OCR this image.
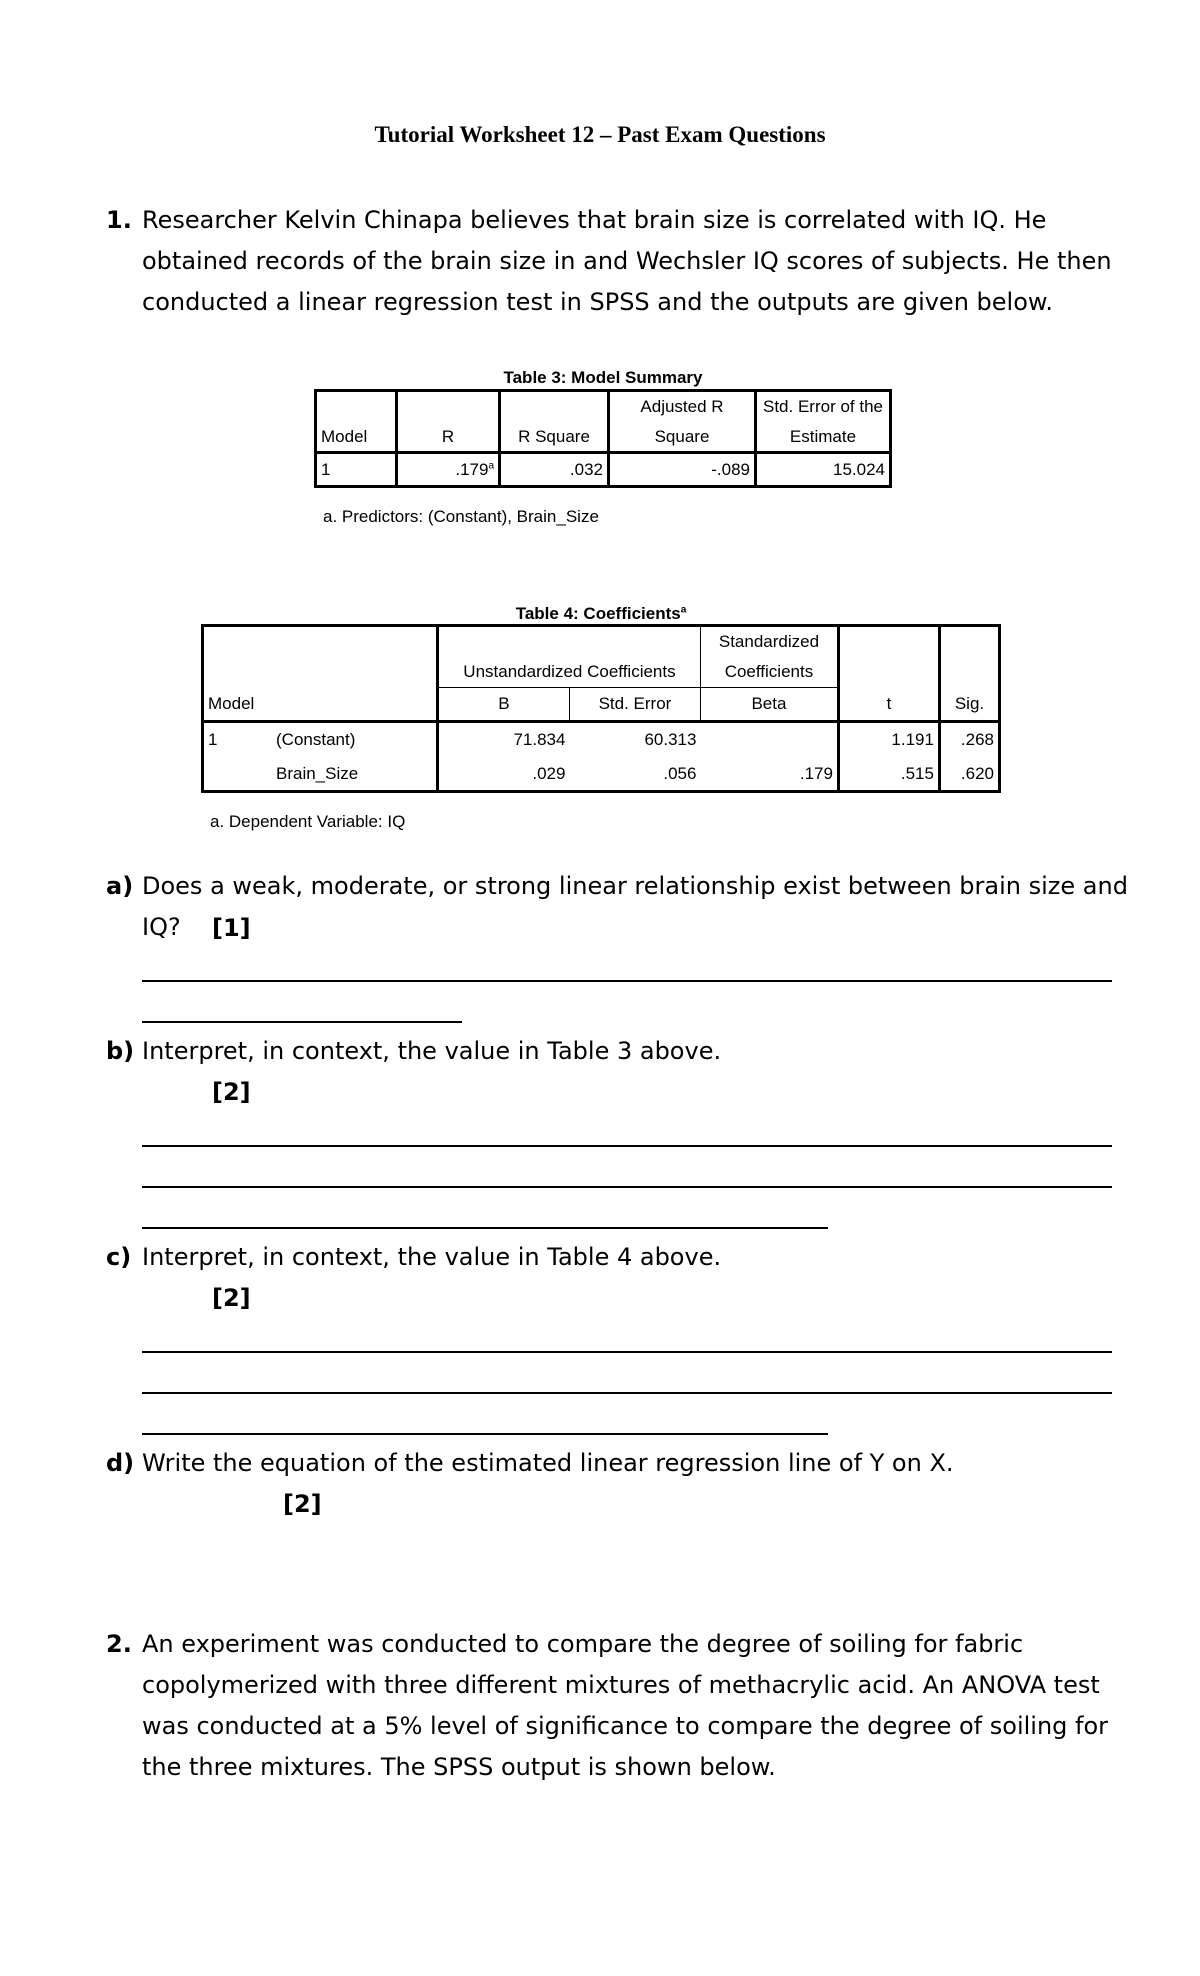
Tutorial Worksheet 12 – Past Exam Questions
1. Researcher Kelvin Chinapa believes that brain size is correlated with IQ. He
obtained records of the brain size in and Wechsler IQ scores of subjects. He then
conducted a linear regression test in SPSS and the outputs are given below.
Table 3: Model Summary
			Adjusted R	Std. Error of the
Model	R	R Square	Square	Estimate
1	.179$^a$	.032	-.089	15.024
a. Predictors: (Constant), Brain_Size
Table 4: Coefficients$^a$
				Standardized		
		Unstandardized Coefficients		Coefficients		
Model		B	Std. Error	Beta	t	Sig.
1	(Constant)	71.834	60.313		1.191	.268
	Brain_Size	.029	.056	.179	.515	.620
a. Dependent Variable: IQ
a) Does a weak, moderate, or strong linear relationship exist between brain size and
IQ? [1]
b) Interpret, in context, the value in Table 3 above.
[2]
c) Interpret, in context, the value in Table 4 above.
[2]
d) Write the equation of the estimated linear regression line of Y on X.
[2]
2. An experiment was conducted to compare the degree of soiling for fabric
copolymerized with three different mixtures of methacrylic acid. An ANOVA test
was conducted at a 5% level of significance to compare the degree of soiling for
the three mixtures. The SPSS output is shown below.
